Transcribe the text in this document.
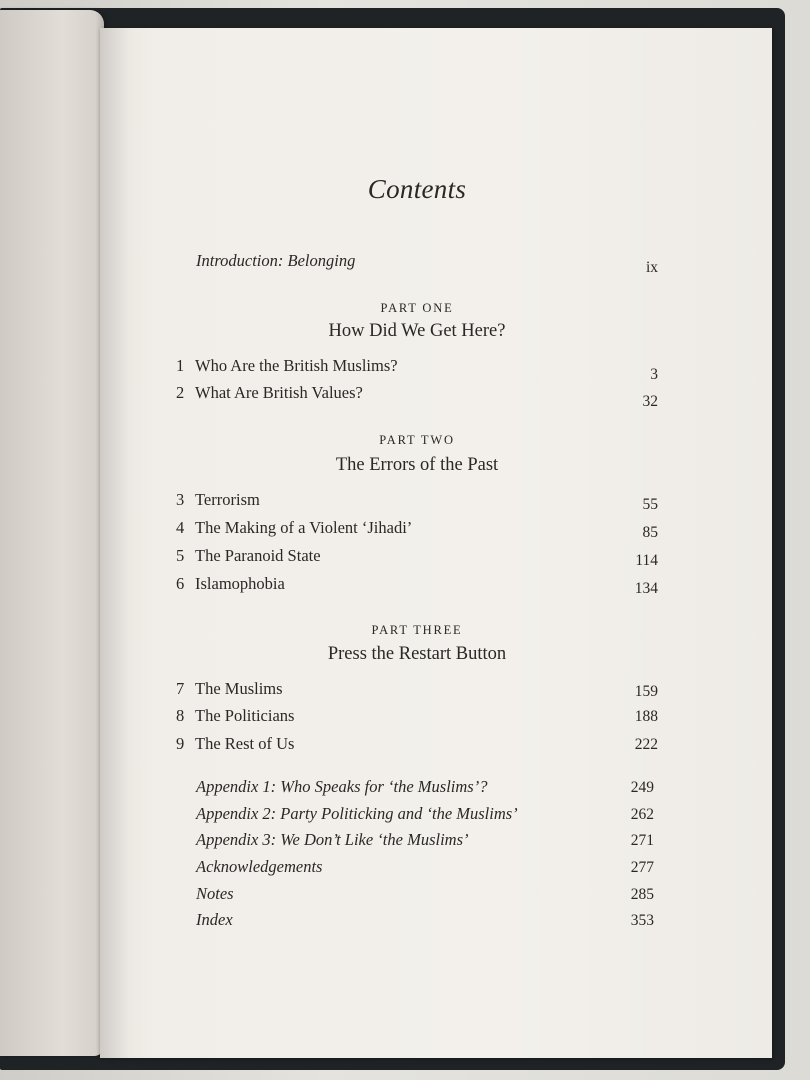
Contents
Introduction: Belonging	ix
PART ONE
How Did We Get Here?
1 Who Are the British Muslims?	3
2 What Are British Values?	32
PART TWO
The Errors of the Past
3 Terrorism	55
4 The Making of a Violent ‘Jihadi’	85
5 The Paranoid State	114
6 Islamophobia	134
PART THREE
Press the Restart Button
7 The Muslims	159
8 The Politicians	188
9 The Rest of Us	222
Appendix 1: Who Speaks for ‘the Muslims’?	249
Appendix 2: Party Politicking and ‘the Muslims’	262
Appendix 3: We Don’t Like ‘the Muslims’	271
Acknowledgements	277
Notes	285
Index	353
